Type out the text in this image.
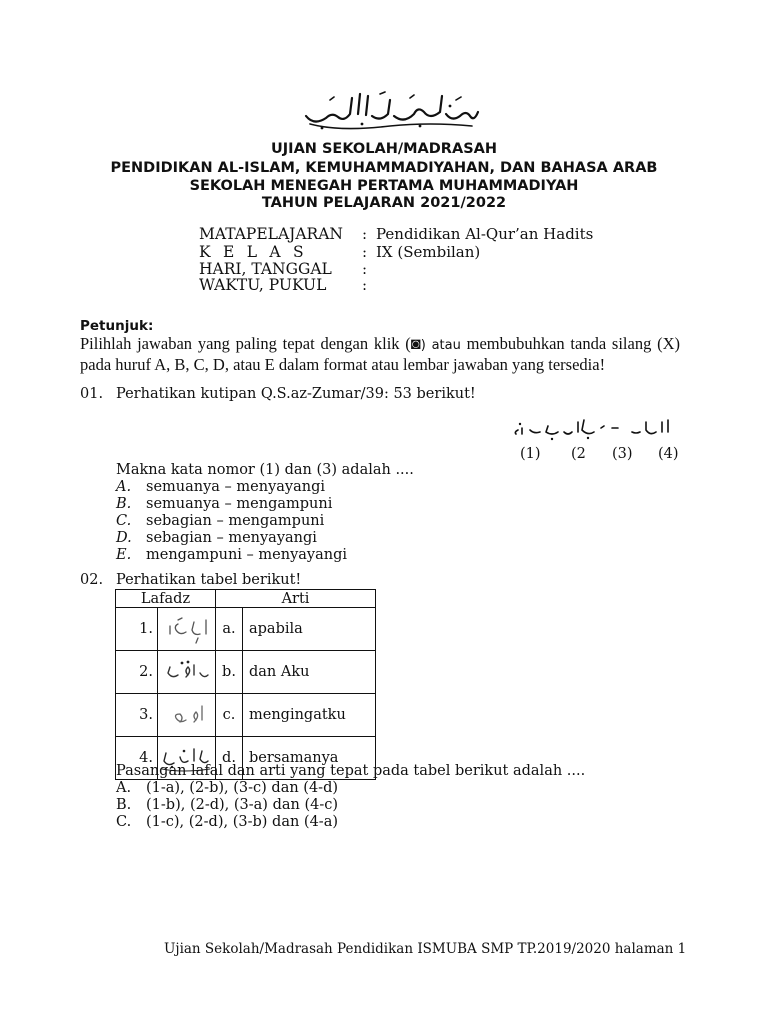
UJIAN SEKOLAH/MADRASAH
PENDIDIKAN AL-ISLAM, KEMUHAMMADIYAHAN, DAN BAHASA ARAB
SEKOLAH MENEGAH PERTAMA MUHAMMADIYAH
TAHUN PELAJARAN 2021/2022
MATAPELAJARAN : Pendidikan Al-Qur’an Hadits
KELAS	: IX (Sembilan)
HARI, TANGGAL :
WAKTU, PUKUL :
Petunjuk:
Pilihlah jawaban yang paling tepat dengan klik (◙) atau membubuhkan tanda silang (X) pada huruf A, B, C, D, atau E dalam format atau lembar jawaban yang tersedia!
01. Perhatikan kutipan Q.S.az-Zumar/39: 53 berikut!
(1) (2 (3) (4)
Makna kata nomor (1) dan (3) adalah ....
A. semuanya – menyayangi
B. semuanya – mengampuni
C. sebagian – mengampuni
D. sebagian – menyayangi
E. mengampuni – menyayangi
02. Perhatikan tabel berikut!
Lafadz		Arti	
1.		a.	apabila
2.		b.	dan Aku
3.		c.	mengingatku
4.		d.	bersamanya
Pasangan lafal dan arti yang tepat pada tabel berikut adalah ....
A. (1-a), (2-b), (3-c) dan (4-d)
B. (1-b), (2-d), (3-a) dan (4-c)
C. (1-c), (2-d), (3-b) dan (4-a)
Ujian Sekolah/Madrasah Pendidikan ISMUBA SMP TP.2019/2020 halaman 1
